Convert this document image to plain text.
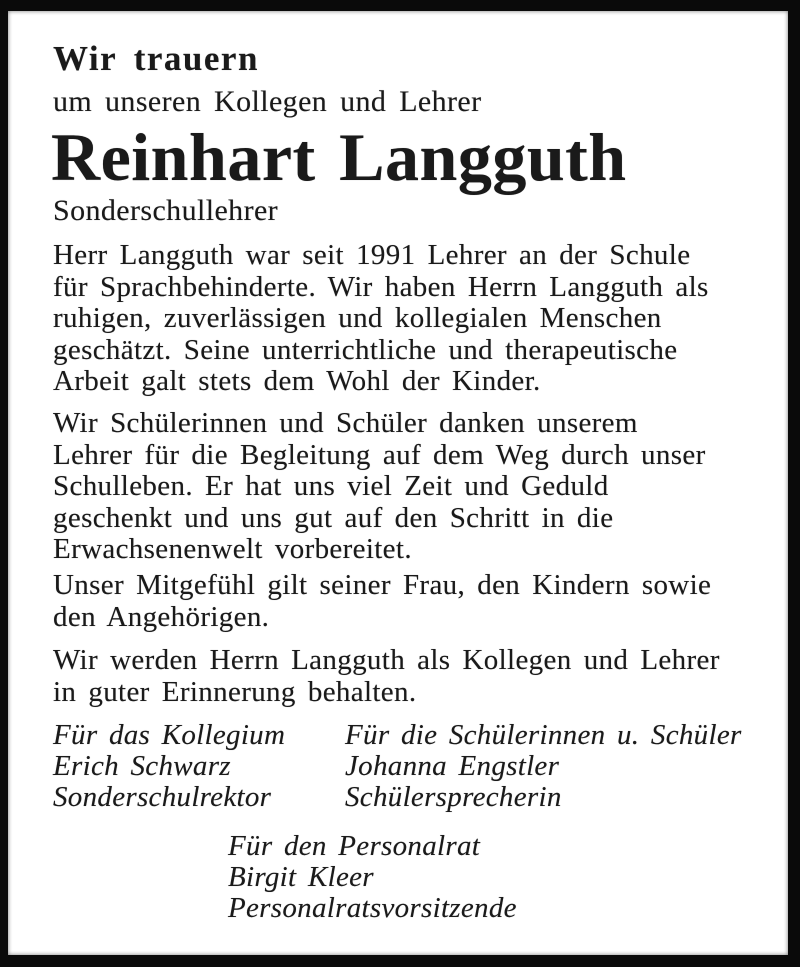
Wir trauern
um unseren Kollegen und Lehrer
Reinhart Langguth
Sonderschullehrer
Herr Langguth war seit 1991 Lehrer an der Schule
für Sprachbehinderte. Wir haben Herrn Langguth als
ruhigen, zuverlässigen und kollegialen Menschen
geschätzt. Seine unterrichtliche und therapeutische
Arbeit galt stets dem Wohl der Kinder.
Wir Schülerinnen und Schüler danken unserem
Lehrer für die Begleitung auf dem Weg durch unser
Schulleben. Er hat uns viel Zeit und Geduld
geschenkt und uns gut auf den Schritt in die
Erwachsenenwelt vorbereitet.
Unser Mitgefühl gilt seiner Frau, den Kindern sowie
den Angehörigen.
Wir werden Herrn Langguth als Kollegen und Lehrer
in guter Erinnerung behalten.
Für das Kollegium
Erich Schwarz
Sonderschulrektor
Für die Schülerinnen u. Schüler
Johanna Engstler
Schülersprecherin
Für den Personalrat
Birgit Kleer
Personalratsvorsitzende
